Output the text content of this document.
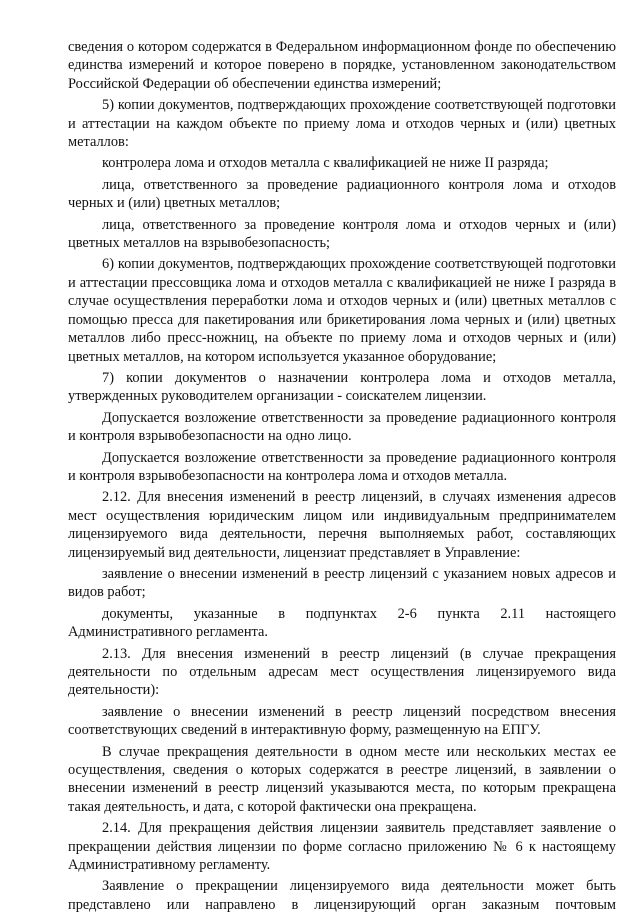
сведения о котором содержатся в Федеральном информационном фонде по обеспечению единства измерений и которое поверено в порядке, установленном законодательством Российской Федерации об обеспечении единства измерений;

5) копии документов, подтверждающих прохождение соответствующей подготовки и аттестации на каждом объекте по приему лома и отходов черных и (или) цветных металлов:

контролера лома и отходов металла с квалификацией не ниже II разряда;

лица, ответственного за проведение радиационного контроля лома и отходов черных и (или) цветных металлов;

лица, ответственного за проведение контроля лома и отходов черных и (или) цветных металлов на взрывобезопасность;

6) копии документов, подтверждающих прохождение соответствующей подготовки и аттестации прессовщика лома и отходов металла с квалификацией не ниже I разряда в случае осуществления переработки лома и отходов черных и (или) цветных металлов с помощью пресса для пакетирования или брикетирования лома черных и (или) цветных металлов либо пресс-ножниц, на объекте по приему лома и отходов черных и (или) цветных металлов, на котором используется указанное оборудование;

7) копии документов о назначении контролера лома и отходов металла, утвержденных руководителем организации - соискателем лицензии.

Допускается возложение ответственности за проведение радиационного контроля и контроля взрывобезопасности на одно лицо.

Допускается возложение ответственности за проведение радиационного контроля и контроля взрывобезопасности на контролера лома и отходов металла.

2.12. Для внесения изменений в реестр лицензий, в случаях изменения адресов мест осуществления юридическим лицом или индивидуальным предпринимателем лицензируемого вида деятельности, перечня выполняемых работ, составляющих лицензируемый вид деятельности, лицензиат представляет в Управление:

заявление о внесении изменений в реестр лицензий с указанием новых адресов и видов работ;

документы, указанные в подпунктах 2-6 пункта 2.11 настоящего Административного регламента.

2.13. Для внесения изменений в реестр лицензий (в случае прекращения деятельности по отдельным адресам мест осуществления лицензируемого вида деятельности):

заявление о внесении изменений в реестр лицензий посредством внесения соответствующих сведений в интерактивную форму, размещенную на ЕПГУ.

В случае прекращения деятельности в одном месте или нескольких местах ее осуществления, сведения о которых содержатся в реестре лицензий, в заявлении о внесении изменений в реестр лицензий указываются места, по которым прекращена такая деятельность, и дата, с которой фактически она прекращена.

2.14. Для прекращения действия лицензии заявитель представляет заявление о прекращении действия лицензии по форме согласно приложению № 6 к настоящему Административному регламенту.

Заявление о прекращении лицензируемого вида деятельности может быть представлено или направлено в лицензирующий орган заказным почтовым
